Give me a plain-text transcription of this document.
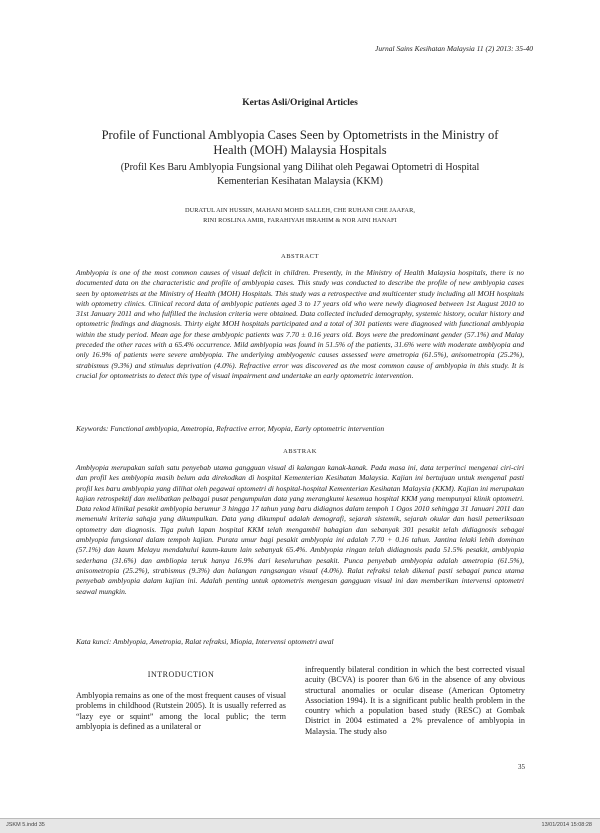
Jurnal Sains Kesihatan Malaysia 11 (2) 2013: 35-40
Kertas Asli/Original Articles
Profile of Functional Amblyopia Cases Seen by Optometrists in the Ministry of Health (MOH) Malaysia Hospitals
(Profil Kes Baru Amblyopia Fungsional yang Dilihat oleh Pegawai Optometri di Hospital Kementerian Kesihatan Malaysia (KKM)
DURATUL AIN HUSSIN, MAHANI MOHD SALLEH, CHE RUHANI CHE JAAFAR,
RINI ROSLINA AMIR, FARAHIYAH IBRAHIM & NOR AINI HANAFI
ABSTRACT
Amblyopia is one of the most common causes of visual deficit in children. Presently, in the Ministry of Health Malaysia hospitals, there is no documented data on the characteristic and profile of amblyopia cases. This study was conducted to describe the profile of new amblyopia cases seen by optometrists at the Ministry of Health (MOH) Hospitals. This study was a retrospective and multicenter study including all MOH hospitals with optometry clinics. Clinical record data of amblyopic patients aged 3 to 17 years old who were newly diagnosed between 1st August 2010 to 31st January 2011 and who fulfilled the inclusion criteria were obtained. Data collected included demography, systemic history, ocular history and optometric findings and diagnosis. Thirty eight MOH hospitals participated and a total of 301 patients were diagnosed with functional amblyopia within the study period. Mean age for these amblyopic patients was 7.70 ± 0.16 years old. Boys were the predominant gender (57.1%) and Malay preceded the other races with a 65.4% occurrence. Mild amblyopia was found in 51.5% of the patients, 31.6% were with moderate amblyopia and only 16.9% of patients were severe amblyopia. The underlying amblyogenic causes assessed were ametropia (61.5%), anisometropia (25.2%), strabismus (9.3%) and stimulus deprivation (4.0%). Refractive error was discovered as the most common cause of amblyopia in this study. It is crucial for optometrists to detect this type of visual impairment and undertake an early optometric intervention.
Keywords: Functional amblyopia, Ametropia, Refractive error, Myopia, Early optometric intervention
ABSTRAK
Amblyopia merupakan salah satu penyebab utama gangguan visual di kalangan kanak-kanak. Pada masa ini, data terperinci mengenai ciri-ciri dan profil kes amblyopia masih belum ada direkodkan di hospital Kementerian Kesihatan Malaysia. Kajian ini bertujuan untuk mengenal pasti profil kes baru amblyopia yang dilihat oleh pegawai optometri di hospital-hospital Kementerian Kesihatan Malaysia (KKM). Kajian ini merupakan kajian retrospektif dan melibatkan pelbagai pusat pengumpulan data yang merangkumi kesemua hospital KKM yang mempunyai klinik optometri. Data rekod klinikal pesakit amblyopia berumur 3 hingga 17 tahun yang baru didiagnos dalam tempoh 1 Ogos 2010 sehingga 31 Januari 2011 dan memenuhi kriteria sahaja yang dikumpulkan. Data yang dikumpul adalah demografi, sejarah sistemik, sejarah okular dan hasil pemeriksaan optometry dan diagnosis. Tiga puluh lapan hospital KKM telah mengambil bahagian dan sebanyak 301 pesakit telah didiagnosis sebagai amblyopia fungsional dalam tempoh kajian. Purata umur bagi pesakit amblyopia ini adalah 7.70 + 0.16 tahun. Jantina lelaki lebih dominan (57.1%) dan kaum Melayu mendahului kaum-kaum lain sebanyak 65.4%. Amblyopia ringan telah didiagnosis pada 51.5% pesakit, amblyopia sederhana (31.6%) dan ambliopia teruk hanya 16.9% dari keseluruhan pesakit. Punca penyebab amblyopia adalah ametropia (61.5%), anisometropia (25.2%), strabismus (9.3%) dan halangan rangsangan visual (4.0%). Ralat refraksi telah dikenal pasti sebagai punca utama penyebab amblyopia dalam kajian ini. Adalah penting untuk optometris mengesan gangguan visual ini dan memberikan intervensi optometri seawal mungkin.
Kata kunci: Amblyopia, Ametropia, Ralat refraksi, Miopia, Intervensi optometri awal
INTRODUCTION

Amblyopia remains as one of the most frequent causes of visual problems in childhood (Rutstein 2005). It is usually referred as “lazy eye or squint” among the local public; the term amblyopia is defined as a unilateral or

infrequently bilateral condition in which the best corrected visual acuity (BCVA) is poorer than 6/6 in the absence of any obvious structural anomalies or ocular disease (American Optometry Association 1994). It is a significant public health problem in the country which a population based study (RESC) at Gombak District in 2004 estimated a 2% prevalence of amblyopia in Malaysia. The study also

35
JSKM 5.indd 35	13/01/2014 15:08:28
